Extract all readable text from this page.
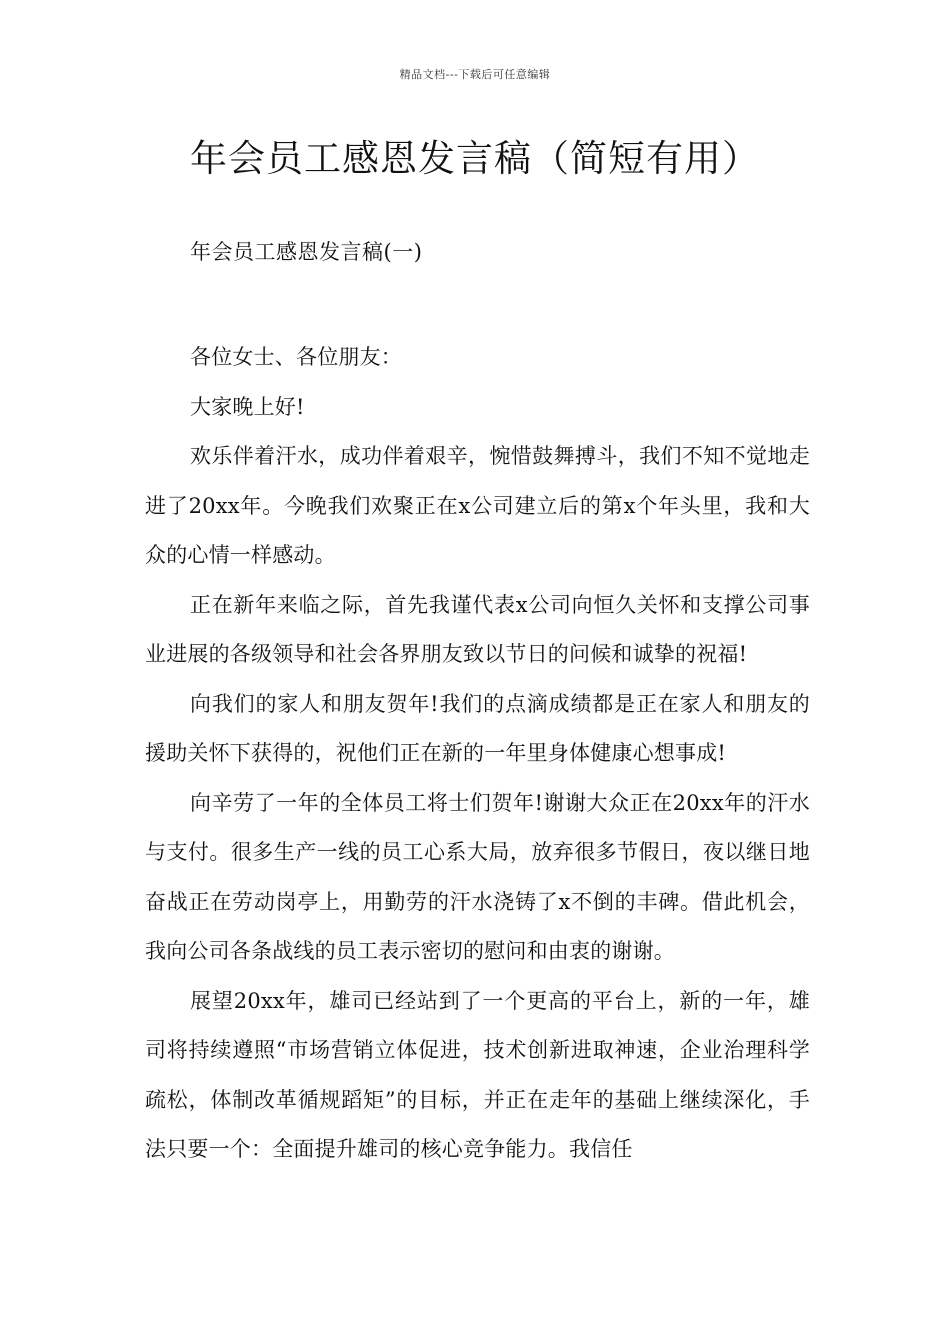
精品文档---下载后可任意编辑
年会员工感恩发言稿（简短有用）
年会员工感恩发言稿(一)

各位女士、各位朋友：

大家晚上好!

欢乐伴着汗水，成功伴着艰辛，惋惜鼓舞搏斗，我们不知不觉地走进了20xx年。今晚我们欢聚正在x公司建立后的第x个年头里，我和大众的心情一样感动。

正在新年来临之际，首先我谨代表x公司向恒久关怀和支撑公司事业进展的各级领导和社会各界朋友致以节日的问候和诚挚的祝福!

向我们的家人和朋友贺年!我们的点滴成绩都是正在家人和朋友的援助关怀下获得的，祝他们正在新的一年里身体健康心想事成!

向辛劳了一年的全体员工将士们贺年!谢谢大众正在20xx年的汗水与支付。很多生产一线的员工心系大局，放弃很多节假日，夜以继日地奋战正在劳动岗亭上，用勤劳的汗水浇铸了x不倒的丰碑。借此机会，我向公司各条战线的员工表示密切的慰问和由衷的谢谢。

展望20xx年，雄司已经站到了一个更高的平台上，新的一年，雄司将持续遵照“市场营销立体促进，技术创新进取神速，企业治理科学疏松，体制改革循规蹈矩”的目标，并正在走年的基础上继续深化，手法只要一个：全面提升雄司的核心竞争能力。我信任
